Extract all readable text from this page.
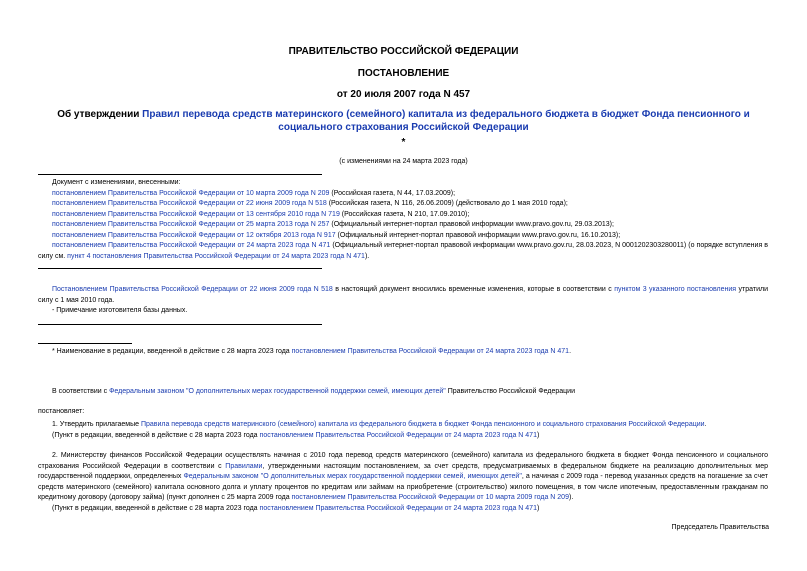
ПРАВИТЕЛЬСТВО РОССИЙСКОЙ ФЕДЕРАЦИИ
ПОСТАНОВЛЕНИЕ
от 20 июля 2007 года N 457
Об утверждении Правил перевода средств материнского (семейного) капитала из федерального бюджета в бюджет Фонда пенсионного и социального страхования Российской Федерации
*
(с изменениями на 24 марта 2023 года)
Документ с изменениями, внесенными:
постановлением Правительства Российской Федерации от 10 марта 2009 года N 209 (Российская газета, N 44, 17.03.2009);
постановлением Правительства Российской Федерации от 22 июня 2009 года N 518 (Российская газета, N 116, 26.06.2009) (действовало до 1 мая 2010 года);
постановлением Правительства Российской Федерации от 13 сентября 2010 года N 719 (Российская газета, N 210, 17.09.2010);
постановлением Правительства Российской Федерации от 25 марта 2013 года N 257 (Официальный интернет-портал правовой информации www.pravo.gov.ru, 29.03.2013);
постановлением Правительства Российской Федерации от 12 октября 2013 года N 917 (Официальный интернет-портал правовой информации www.pravo.gov.ru, 16.10.2013);
постановлением Правительства Российской Федерации от 24 марта 2023 года N 471 (Официальный интернет-портал правовой информации www.pravo.gov.ru, 28.03.2023, N 0001202303280011) (о порядке вступления в силу см. пункт 4 постановления Правительства Российской Федерации от 24 марта 2023 года N 471).
Постановлением Правительства Российской Федерации от 22 июня 2009 года N 518 в настоящий документ вносились временные изменения, которые в соответствии с пунктом 3 указанного постановления утратили силу с 1 мая 2010 года.
- Примечание изготовителя базы данных.
* Наименование в редакции, введенной в действие с 28 марта 2023 года постановлением Правительства Российской Федерации от 24 марта 2023 года N 471.
В соответствии с Федеральным законом "О дополнительных мерах государственной поддержки семей, имеющих детей" Правительство Российской Федерации
постановляет:
1. Утвердить прилагаемые Правила перевода средств материнского (семейного) капитала из федерального бюджета в бюджет Фонда пенсионного и социального страхования Российской Федерации.
(Пункт в редакции, введенной в действие с 28 марта 2023 года постановлением Правительства Российской Федерации от 24 марта 2023 года N 471)
2. Министерству финансов Российской Федерации осуществлять начиная с 2010 года перевод средств материнского (семейного) капитала из федерального бюджета в бюджет Фонда пенсионного и социального страхования Российской Федерации в соответствии с Правилами, утвержденными настоящим постановлением, за счет средств, предусматриваемых в федеральном бюджете на реализацию дополнительных мер государственной поддержки, определенных Федеральным законом "О дополнительных мерах государственной поддержки семей, имеющих детей", а начиная с 2009 года - перевод указанных средств на погашение за счет средств материнского (семейного) капитала основного долга и уплату процентов по кредитам или займам на приобретение (строительство) жилого помещения, в том числе ипотечным, предоставленным гражданам по кредитному договору (договору займа) (пункт дополнен с 25 марта 2009 года постановлением Правительства Российской Федерации от 10 марта 2009 года N 209).
(Пункт в редакции, введенной в действие с 28 марта 2023 года постановлением Правительства Российской Федерации от 24 марта 2023 года N 471)
Председатель Правительства
